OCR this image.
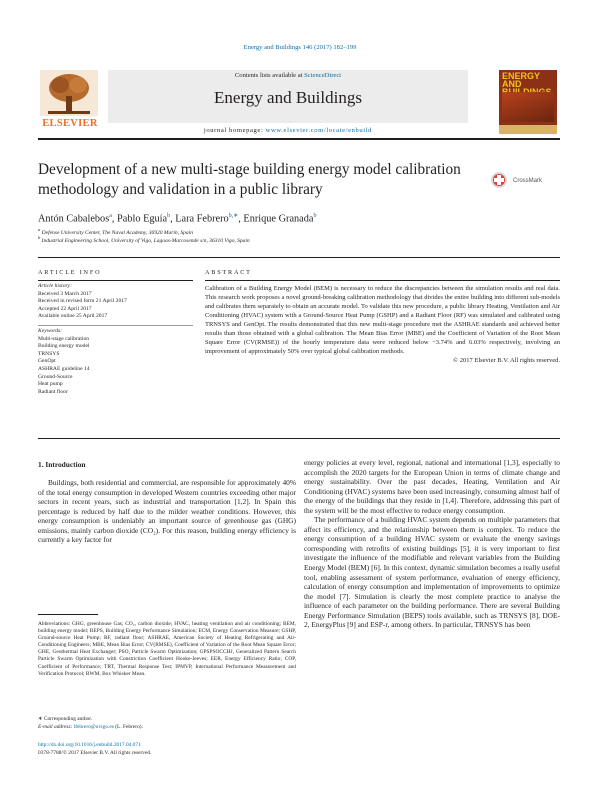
Energy and Buildings 146 (2017) 182–199
ELSEVIER
Contents lists available at ScienceDirect
Energy and Buildings
journal homepage: www.elsevier.com/locate/enbuild
ENERGY AND
Development of a new multi-stage building energy model calibration methodology and validation in a public library	CrossMark
Antón Cabalebos$^a$, Pablo Eguía$^b$, Lara Febrero$^{b,∗}$, Enrique Granada$^b$
$^a$ Defense University Center, The Naval Academy, 36920 Marín, Spain
$^b$ Industrial Engineering School, University of Vigo, Lagoas-Marcosende s/n, 36310 Vigo, Spain
ARTICLE INFO
Article history:
Received 3 March 2017
Received in revised form 21 April 2017
Accepted 22 April 2017
Available online 25 April 2017
Keywords:
Multi-stage calibration
Building energy model
TRNSYS
GenOpt
ASHRAE guideline 14
Ground-Source
Heat pump
Radiant floor
ABSTRACT

Calibration of a Building Energy Model (BEM) is necessary to reduce the discrepancies between the simulation results and real data. This research work proposes a novel ground-breaking calibration methodology that divides the entire building into different sub-models and calibrates them separately to obtain an accurate model. To validate this new procedure, a public library Heating, Ventilation and Air Conditioning (HVAC) system with a Ground-Source Heat Pump (GSHP) and a Radiant Floor (RF) was simulated and calibrated using TRNSYS and GenOpt. The results demonstrated that this new multi-stage procedure met the ASHRAE standards and achieved better results than those obtained with a global calibration. The Mean Bias Error (MBE) and the Coefficient of Variation of the Root Mean Square Error (CV(RMSE)) of the hourly temperature data were reduced below −3.74% and 6.03% respectively, involving an improvement of approximately 50% over typical global calibration methods.

© 2017 Elsevier B.V. All rights reserved.
1. Introduction

Buildings, both residential and commercial, are responsible for approximately 40% of the total energy consumption in developed Western countries exceeding other major sectors in recent years, such as industrial and transportation [1,2]. In Spain this percentage is reduced by half due to the milder weather conditions. However, this energy consumption is undeniably an important source of greenhouse gas (GHG) emissions, mainly carbon dioxide (CO₂). For this reason, building energy efficiency is currently a key factor for

energy policies at every level, regional, national and international [1,3], especially to accomplish the 2020 targets for the European Union in terms of climate change and energy sustainability. Over the past decades, Heating, Ventilation and Air Conditioning (HVAC) systems have been used increasingly, consuming almost half of the energy of the buildings that they reside in [1,4]. Therefore, addressing this part of the system will be the most effective to reduce energy consumption.

The performance of a building HVAC system depends on multiple parameters that affect its efficiency, and the relationship between them is complex. To reduce the energy consumption of a building HVAC system or evaluate the energy savings corresponding with retrofits of existing buildings [5], it is very important to first investigate the influence of the modifiable and relevant variables from the Building Energy Model (BEM) [6]. In this context, dynamic simulation becomes a really useful tool, enabling assessment of system performance, evaluation of energy efficiency, calculation of energy consumption and implementation of improvements to optimize the model [7]. Simulation is clearly the most complete practice to analyse the influence of each parameter on the building performance. There are several Building Energy Performance Simulation (BEPS) tools available, such as TRNSYS [8], DOE-2, EnergyPlus [9] and ESP-r, among others. In particular, TRNSYS has been

Abbreviations: GHG, greenhouse Gas; CO₂, carbon dioxide; HVAC, heating ventilation and air conditioning; BEM, building energy model; BEPS, Building Energy Performance Simulation; ECM, Energy Conservation Measure; GSHP, Ground-source Heat Pump; RF, radiant floor; ASHRAE, American Society of Heating Refrigerating and Air-Conditioning Engineers; MBE, Mean Bias Error; CV(RMSE), Coefficient of Variation of the Root Mean Square Error; GHE, Geothermal Heat Exchanger; PSO, Particle Swarm Optimization; GPSPSOCCHJ, Generalized Pattern Search Particle Swarm Optimization with Constriction Coefficient Hooke-Jeeves; EER, Energy Efficiency Ratio; COP, Coefficient of Performance; TRT, Thermal Response Test; IPMVP, International Performance Measurement and Verification Protocol; BWM, Box Whisker Mean.
∗ Corresponding author.
E-mail address: lfebrero@uvigo.es (L. Febrero).
http://dx.doi.org/10.1016/j.enbuild.2017.04.071
0378-7788/© 2017 Elsevier B.V. All rights reserved.
